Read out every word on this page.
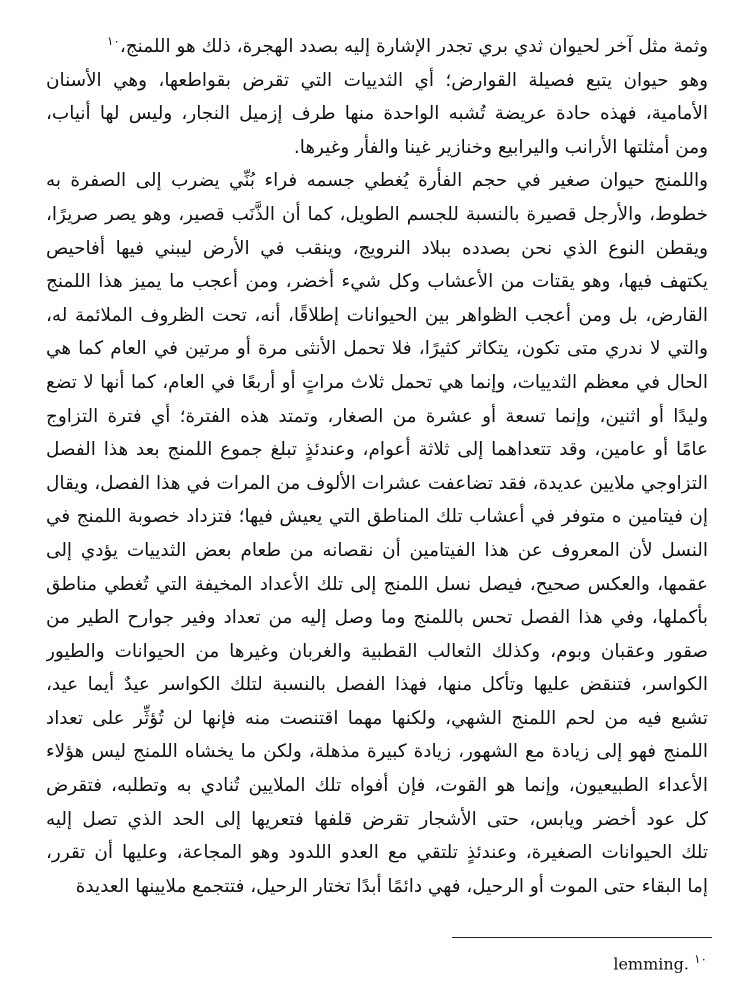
وثمة مثل آخر لحيوان ثدي بري تجدر الإشارة إليه بصدد الهجرة، ذلك هو اللمنج،$^{١٠}$
وهو حيوان يتبع فصيلة القوارض؛ أي الثدييات التي تقرض بقواطعها، وهي الأسنان
الأمامية، فهذه حادة عريضة تُشبه الواحدة منها طرف إزميل النجار، وليس لها أنياب،
ومن أمثلتها الأرانب واليرابيع وخنازير غينا والفأر وغيرها.
واللمنج حيوان صغير في حجم الفأرة يُغطي جسمه فراء بُنِّي يضرب إلى الصفرة به
خطوط، والأرجل قصيرة بالنسبة للجسم الطويل، كما أن الذَّنَب قصير، وهو يصر صريرًا،
ويقطن النوع الذي نحن بصدده ببلاد النرويج، وينقب في الأرض ليبني فيها أفاحيص
يكتهف فيها، وهو يقتات من الأعشاب وكل شيء أخضر، ومن أعجب ما يميز هذا اللمنج
القارض، بل ومن أعجب الظواهر بين الحيوانات إطلاقًا، أنه، تحت الظروف الملائمة له،
والتي لا ندري متى تكون، يتكاثر كثيرًا، فلا تحمل الأنثى مرة أو مرتين في العام كما هي
الحال في معظم الثدييات، وإنما هي تحمل ثلاث مراتٍ أو أربعًا في العام، كما أنها لا تضع
وليدًا أو اثنين، وإنما تسعة أو عشرة من الصغار، وتمتد هذه الفترة؛ أي فترة التزاوج
عامًا أو عامين، وقد تتعداهما إلى ثلاثة أعوام، وعندئذٍ تبلغ جموع اللمنج بعد هذا الفصل
التزاوجي ملايين عديدة، فقد تضاعفت عشرات الألوف من المرات في هذا الفصل، ويقال
إن فيتامين ه متوفر في أعشاب تلك المناطق التي يعيش فيها؛ فتزداد خصوبة اللمنج في
النسل لأن المعروف عن هذا الفيتامين أن نقصانه من طعام بعض الثدييات يؤدي إلى
عقمها، والعكس صحيح، فيصل نسل اللمنج إلى تلك الأعداد المخيفة التي تُغطي مناطق
بأكملها، وفي هذا الفصل تحس باللمنج وما وصل إليه من تعداد وفير جوارح الطير من
صقور وعقبان وبوم، وكذلك الثعالب القطبية والغربان وغيرها من الحيوانات والطيور
الكواسر، فتنقض عليها وتأكل منها، فهذا الفصل بالنسبة لتلك الكواسر عيدٌ أيما عيد،
تشبع فيه من لحم اللمنج الشهي، ولكنها مهما اقتنصت منه فإنها لن تُؤثِّر على تعداد
اللمنج فهو إلى زيادة مع الشهور، زيادة كبيرة مذهلة، ولكن ما يخشاه اللمنج ليس هؤلاء
الأعداء الطبيعيون، وإنما هو القوت، فإن أفواه تلك الملايين تُنادي به وتطلبه، فتقرض
كل عود أخضر ويابس، حتى الأشجار تقرض قلفها فتعريها إلى الحد الذي تصل إليه
تلك الحيوانات الصغيرة، وعندئذٍ تلتقي مع العدو اللدود وهو المجاعة، وعليها أن تقرر،
إما البقاء حتى الموت أو الرحيل، فهي دائمًا أبدًا تختار الرحيل، فتتجمع ملايينها العديدة
$^{١٠}$ lemming.
